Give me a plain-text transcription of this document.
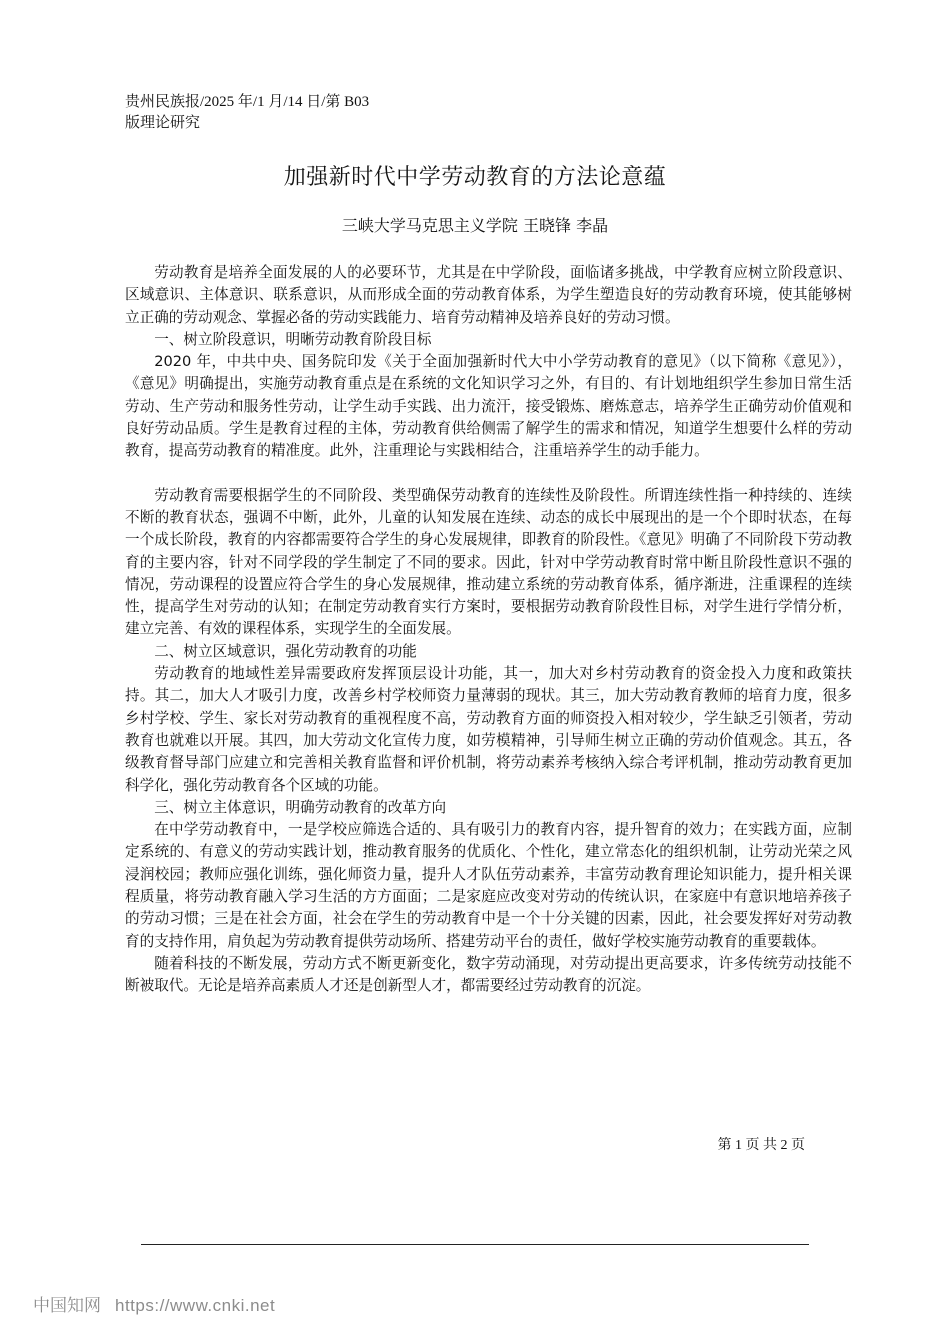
贵州民族报/2025 年/1 月/14 日/第 B03
版理论研究
加强新时代中学劳动教育的方法论意蕴
三峡大学马克思主义学院 王晓锋 李晶

劳动教育是培养全面发展的人的必要环节，尤其是在中学阶段，面临诸多挑战，中学教育应树立阶段意识、区域意识、主体意识、联系意识，从而形成全面的劳动教育体系，为学生塑造良好的劳动教育环境，使其能够树立正确的劳动观念、掌握必备的劳动实践能力、培育劳动精神及培养良好的劳动习惯。

一、树立阶段意识，明晰劳动教育阶段目标

2020 年，中共中央、国务院印发《关于全面加强新时代大中小学劳动教育的意见》（以下简称《意见》），《意见》明确提出，实施劳动教育重点是在系统的文化知识学习之外，有目的、有计划地组织学生参加日常生活劳动、生产劳动和服务性劳动，让学生动手实践、出力流汗，接受锻炼、磨炼意志，培养学生正确劳动价值观和良好劳动品质。学生是教育过程的主体，劳动教育供给侧需了解学生的需求和情况，知道学生想要什么样的劳动教育，提高劳动教育的精准度。此外，注重理论与实践相结合，注重培养学生的动手能力。

劳动教育需要根据学生的不同阶段、类型确保劳动教育的连续性及阶段性。所谓连续性指一种持续的、连续不断的教育状态，强调不中断，此外，儿童的认知发展在连续、动态的成长中展现出的是一个个即时状态，在每一个成长阶段，教育的内容都需要符合学生的身心发展规律，即教育的阶段性。《意见》明确了不同阶段下劳动教育的主要内容，针对不同学段的学生制定了不同的要求。因此，针对中学劳动教育时常中断且阶段性意识不强的情况，劳动课程的设置应符合学生的身心发展规律，推动建立系统的劳动教育体系，循序渐进，注重课程的连续性，提高学生对劳动的认知；在制定劳动教育实行方案时，要根据劳动教育阶段性目标，对学生进行学情分析，建立完善、有效的课程体系，实现学生的全面发展。

二、树立区域意识，强化劳动教育的功能

劳动教育的地域性差异需要政府发挥顶层设计功能，其一，加大对乡村劳动教育的资金投入力度和政策扶持。其二，加大人才吸引力度，改善乡村学校师资力量薄弱的现状。其三，加大劳动教育教师的培育力度，很多乡村学校、学生、家长对劳动教育的重视程度不高，劳动教育方面的师资投入相对较少，学生缺乏引领者，劳动教育也就难以开展。其四，加大劳动文化宣传力度，如劳模精神，引导师生树立正确的劳动价值观念。其五，各级教育督导部门应建立和完善相关教育监督和评价机制，将劳动素养考核纳入综合考评机制，推动劳动教育更加科学化，强化劳动教育各个区域的功能。

三、树立主体意识，明确劳动教育的改革方向

在中学劳动教育中，一是学校应筛选合适的、具有吸引力的教育内容，提升智育的效力；在实践方面，应制定系统的、有意义的劳动实践计划，推动教育服务的优质化、个性化，建立常态化的组织机制，让劳动光荣之风浸润校园；教师应强化训练，强化师资力量，提升人才队伍劳动素养，丰富劳动教育理论知识能力，提升相关课程质量，将劳动教育融入学习生活的方方面面；二是家庭应改变对劳动的传统认识，在家庭中有意识地培养孩子的劳动习惯；三是在社会方面，社会在学生的劳动教育中是一个十分关键的因素，因此，社会要发挥好对劳动教育的支持作用，肩负起为劳动教育提供劳动场所、搭建劳动平台的责任，做好学校实施劳动教育的重要载体。

随着科技的不断发展，劳动方式不断更新变化，数字劳动涌现，对劳动提出更高要求，许多传统劳动技能不断被取代。无论是培养高素质人才还是创新型人才，都需要经过劳动教育的沉淀。

第 1 页 共 2 页
中国知网 https://www.cnki.net
